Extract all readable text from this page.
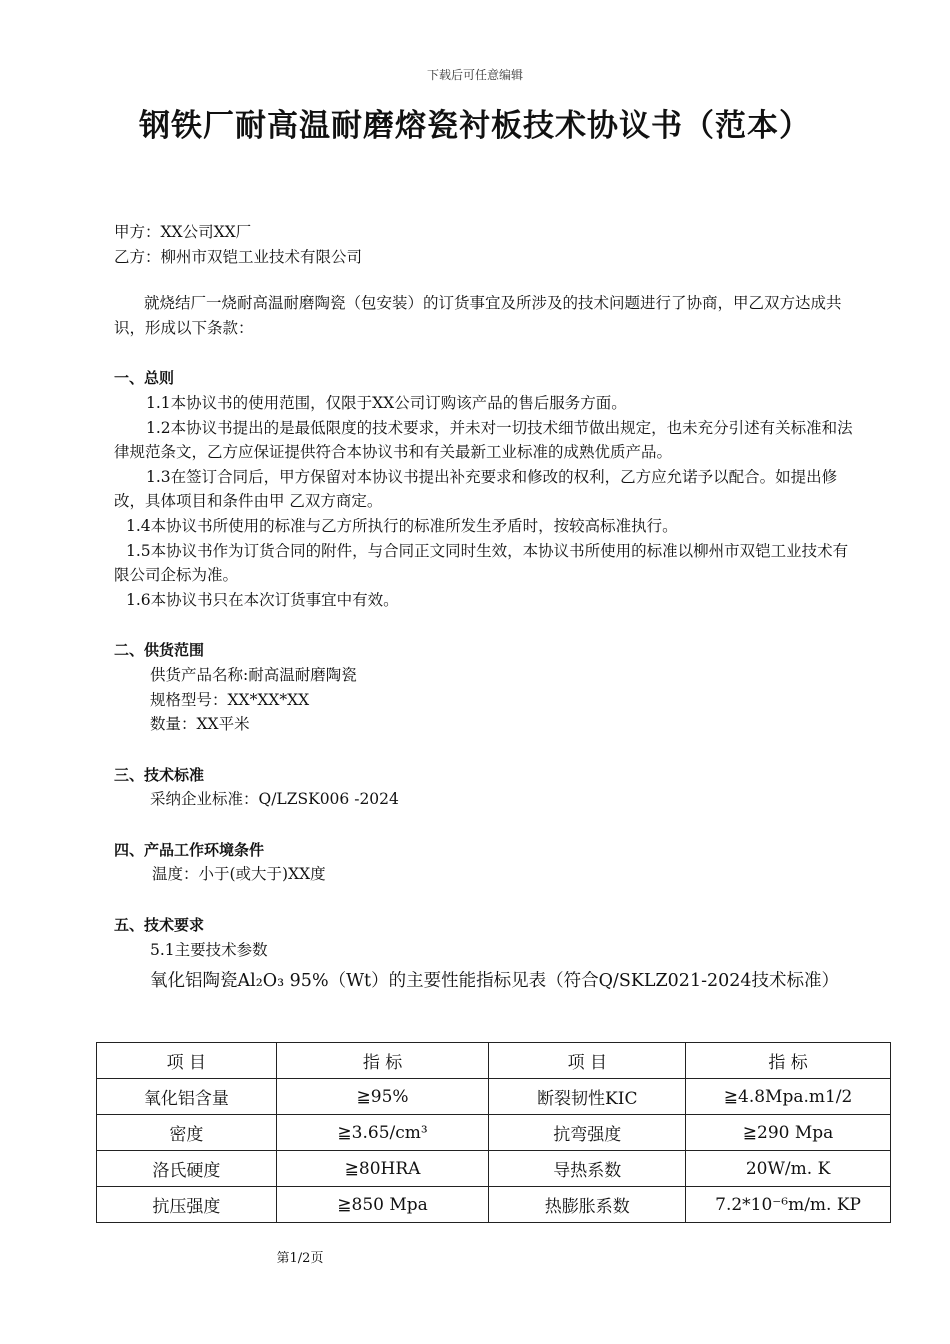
下载后可任意编辑
钢铁厂耐高温耐磨熔瓷衬板技术协议书（范本）
甲方：XX公司XX厂
乙方：柳州市双铠工业技术有限公司
就烧结厂一烧耐高温耐磨陶瓷（包安装）的订货事宜及所涉及的技术问题进行了协商，甲乙双方达成共识，形成以下条款：
一、总则
1.1本协议书的使用范围，仅限于XX公司订购该产品的售后服务方面。
1.2本协议书提出的是最低限度的技术要求，并未对一切技术细节做出规定，也未充分引述有关标准和法律规范条文，乙方应保证提供符合本协议书和有关最新工业标准的成熟优质产品。
1.3在签订合同后，甲方保留对本协议书提出补充要求和修改的权利，乙方应允诺予以配合。如提出修改，具体项目和条件由甲 乙双方商定。
1.4本协议书所使用的标准与乙方所执行的标准所发生矛盾时，按较高标准执行。
1.5本协议书作为订货合同的附件，与合同正文同时生效，本协议书所使用的标准以柳州市双铠工业技术有限公司企标为准。
1.6本协议书只在本次订货事宜中有效。
二、供货范围
供货产品名称:耐高温耐磨陶瓷
规格型号：XX*XX*XX
数量：XX平米
三、技术标准
采纳企业标准：Q/LZSK006 -2024
四、产品工作环境条件
温度：小于(或大于)XX度
五、技术要求
5.1主要技术参数
氧化铝陶瓷Al₂O₃ 95%（Wt）的主要性能指标见表（符合Q/SKLZ021-2024技术标准）
项 目	指 标	项 目	指 标
氧化铝含量	≧95%	断裂韧性KIC	≧4.8Mpa.m1/2
密度	≧3.65/cm³	抗弯强度	≧290 Mpa
洛氏硬度	≧80HRA	导热系数	20W/m. K
抗压强度	≧850 Mpa	热膨胀系数	7.2*10⁻⁶m/m. KP
第1/2页
